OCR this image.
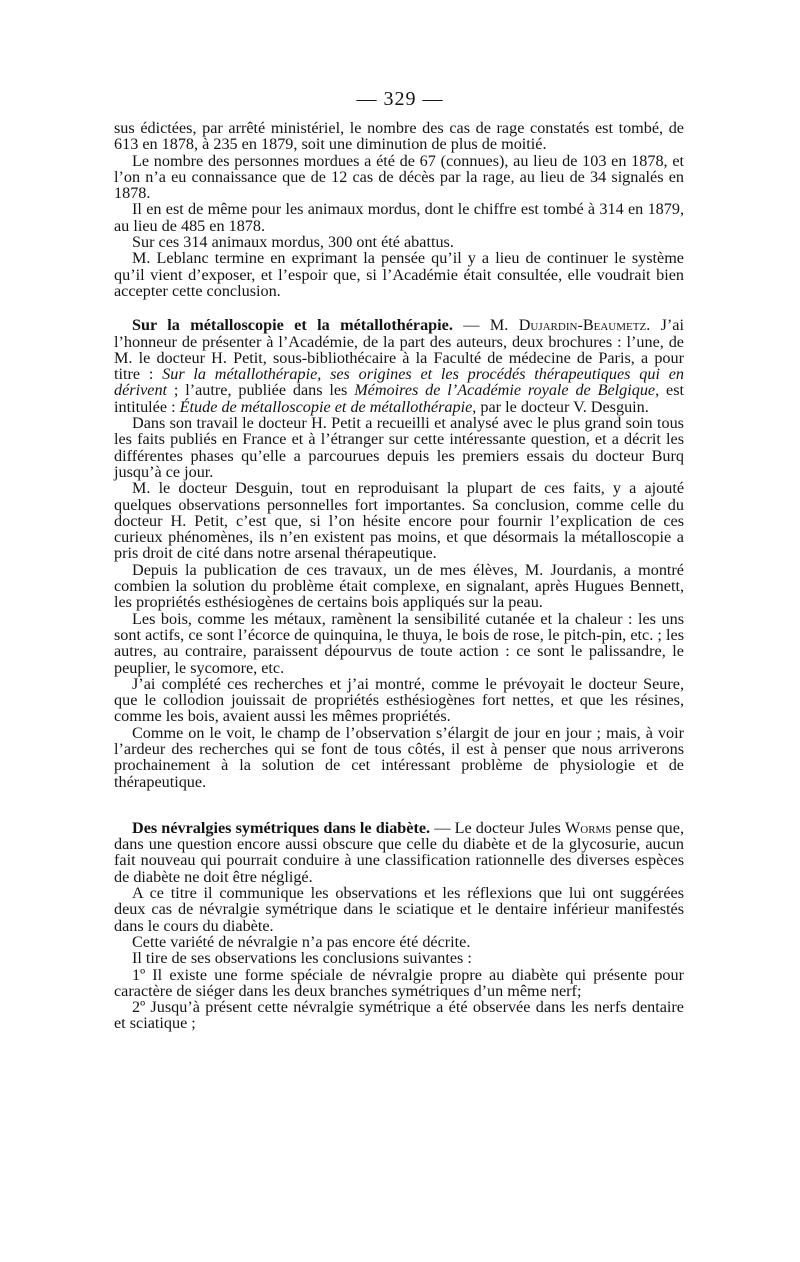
— 329 —

sus édictées, par arrêté ministériel, le nombre des cas de rage constatés est tombé, de 613 en 1878, à 235 en 1879, soit une diminution de plus de moitié.

Le nombre des personnes mordues a été de 67 (connues), au lieu de 103 en 1878, et l’on n’a eu connaissance que de 12 cas de décès par la rage, au lieu de 34 signalés en 1878.

Il en est de même pour les animaux mordus, dont le chiffre est tombé à 314 en 1879, au lieu de 485 en 1878.

Sur ces 314 animaux mordus, 300 ont été abattus.

M. Leblanc termine en exprimant la pensée qu’il y a lieu de continuer le système qu’il vient d’exposer, et l’espoir que, si l’Académie était consultée, elle voudrait bien accepter cette conclusion.

Sur la métalloscopie et la métallothérapie. — M. Dujardin-Beaumetz. J’ai l’honneur de présenter à l’Académie, de la part des auteurs, deux brochures : l’une, de M. le docteur H. Petit, sous-bibliothécaire à la Faculté de médecine de Paris, a pour titre : Sur la métallothérapie, ses origines et les procédés thérapeutiques qui en dérivent ; l’autre, publiée dans les Mémoires de l’Académie royale de Belgique, est intitulée : Étude de métalloscopie et de métallothérapie, par le docteur V. Desguin.

Dans son travail le docteur H. Petit a recueilli et analysé avec le plus grand soin tous les faits publiés en France et à l’étranger sur cette intéressante question, et a décrit les différentes phases qu’elle a parcourues depuis les premiers essais du docteur Burq jusqu’à ce jour.

M. le docteur Desguin, tout en reproduisant la plupart de ces faits, y a ajouté quelques observations personnelles fort importantes. Sa conclusion, comme celle du docteur H. Petit, c’est que, si l’on hésite encore pour fournir l’explication de ces curieux phénomènes, ils n’en existent pas moins, et que désormais la métalloscopie a pris droit de cité dans notre arsenal thérapeutique.

Depuis la publication de ces travaux, un de mes élèves, M. Jourdanis, a montré combien la solution du problème était complexe, en signalant, après Hugues Bennett, les propriétés esthésiogènes de certains bois appliqués sur la peau.

Les bois, comme les métaux, ramènent la sensibilité cutanée et la chaleur : les uns sont actifs, ce sont l’écorce de quinquina, le thuya, le bois de rose, le pitch-pin, etc. ; les autres, au contraire, paraissent dépourvus de toute action : ce sont le palissandre, le peuplier, le sycomore, etc.

J’ai complété ces recherches et j’ai montré, comme le prévoyait le docteur Seure, que le collodion jouissait de propriétés esthésiogènes fort nettes, et que les résines, comme les bois, avaient aussi les mêmes propriétés.

Comme on le voit, le champ de l’observation s’élargit de jour en jour ; mais, à voir l’ardeur des recherches qui se font de tous côtés, il est à penser que nous arriverons prochainement à la solution de cet intéressant problème de physiologie et de thérapeutique.

Des névralgies symétriques dans le diabète. — Le docteur Jules Worms pense que, dans une question encore aussi obscure que celle du diabète et de la glycosurie, aucun fait nouveau qui pourrait conduire à une classification rationnelle des diverses espèces de diabète ne doit être négligé.

A ce titre il communique les observations et les réflexions que lui ont suggérées deux cas de névralgie symétrique dans le sciatique et le dentaire inférieur manifestés dans le cours du diabète.

Cette variété de névralgie n’a pas encore été décrite.

Il tire de ses observations les conclusions suivantes :

1º Il existe une forme spéciale de névralgie propre au diabète qui présente pour caractère de siéger dans les deux branches symétriques d’un même nerf;

2º Jusqu’à présent cette névralgie symétrique a été observée dans les nerfs dentaire et sciatique ;
